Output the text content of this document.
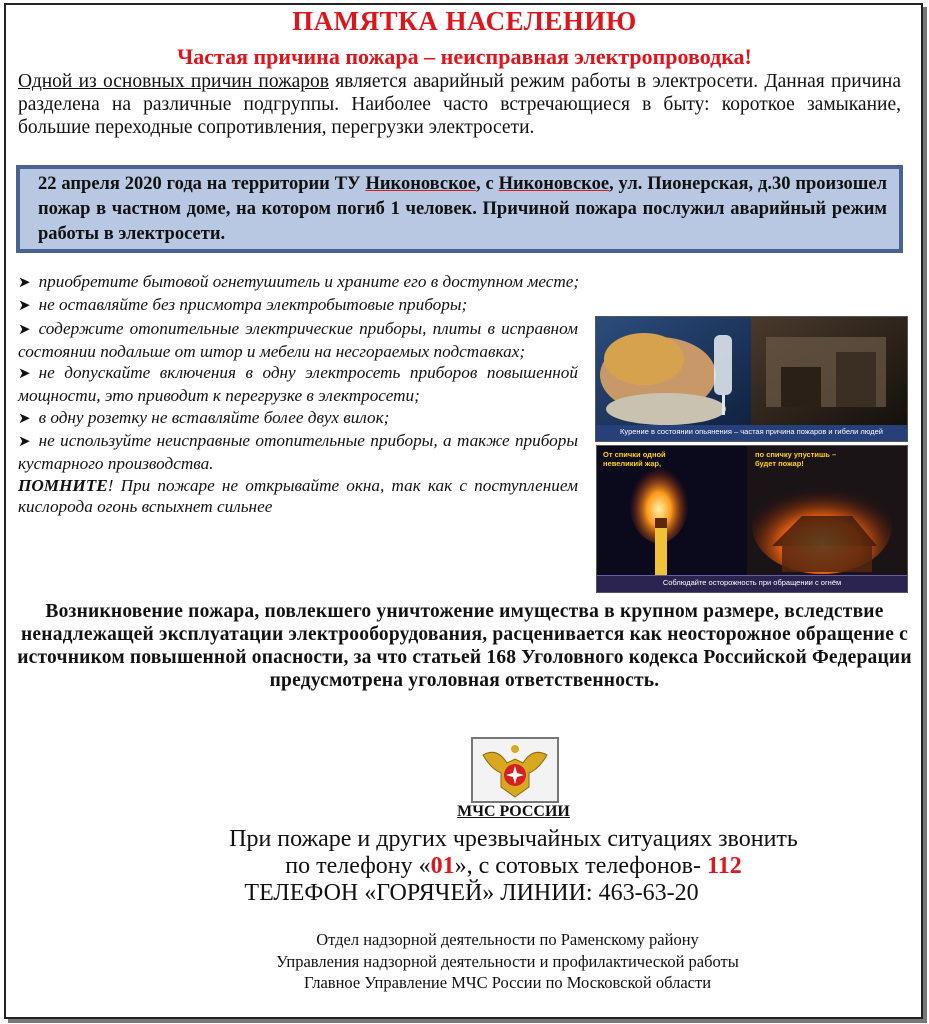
ПАМЯТКА НАСЕЛЕНИЮ
Частая причина пожара – неисправная электропроводка!
Одной из основных причин пожаров является аварийный режим работы в электросети. Данная причина разделена на различные подгруппы. Наиболее часто встречающиеся в быту: короткое замыкание, большие переходные сопротивления, перегрузки электросети.
22 апреля 2020 года на территории ТУ Никоновское, с Никоновское, ул. Пионерская, д.30 произошел пожар в частном доме, на котором погиб 1 человек. Причиной пожара послужил аварийный режим работы в электросети.

➤ приобретите бытовой огнетушитель и храните его в доступном месте;

➤ не оставляйте без присмотра электробытовые приборы;

➤ содержите отопительные электрические приборы, плиты в исправном состоянии подальше от штор и мебели на несгораемых подставках;

➤ не допускайте включения в одну электросеть приборов повышенной мощности, это приводит к перегрузке в электросети;

➤ в одну розетку не вставляйте более двух вилок;

➤ не используйте неисправные отопительные приборы, а также приборы кустарного производства.

ПОМНИТЕ! При пожаре не открывайте окна, так как с поступлением кислорода огонь вспыхнет сильнее

Курение в состоянии опьянения – частая причина пожаров и гибели людей
От спички одной невеликий жар,
по спичку упустишь – будет пожар!
Соблюдайте осторожность при обращении с огнём
Возникновение пожара, повлекшего уничтожение имущества в крупном размере, вследствие ненадлежащей эксплуатации электрооборудования, расценивается как неосторожное обращение с источником повышенной опасности, за что статьей 168 Уголовного кодекса Российской Федерации предусмотрена уголовная ответственность.
МЧС РОССИИ
При пожаре и других чрезвычайных ситуациях звонить
по телефону «01», с сотовых телефонов- 112
ТЕЛЕФОН «ГОРЯЧЕЙ» ЛИНИИ: 463-63-20
Отдел надзорной деятельности по Раменскому району
Управления надзорной деятельности и профилактической работы
Главное Управление МЧС России по Московской области
